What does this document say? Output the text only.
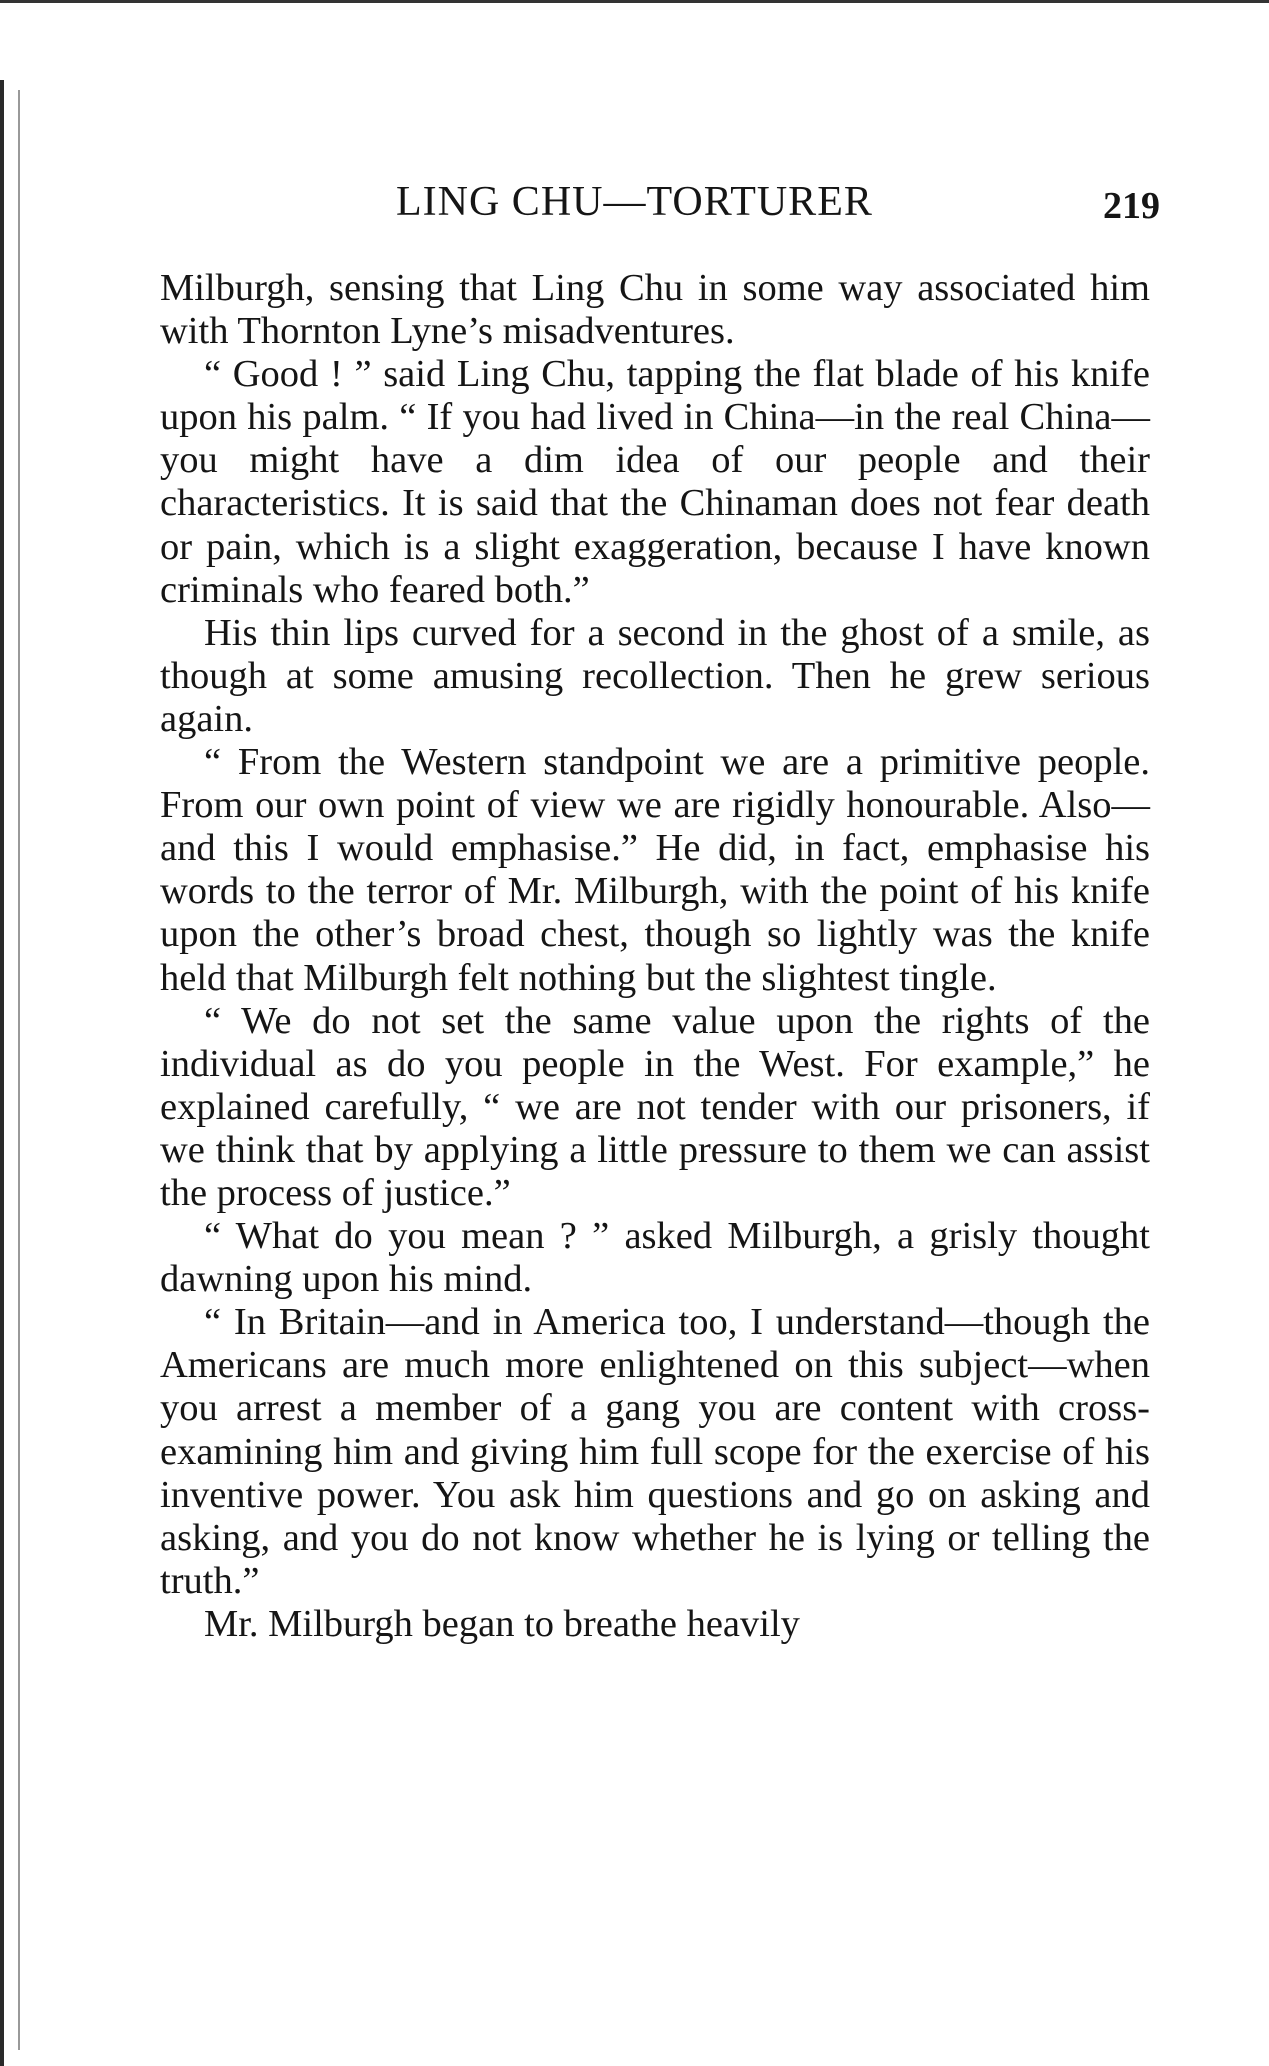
LING CHU—TORTURER	219

Milburgh, sensing that Ling Chu in some way associated him with Thornton Lyne’s misadventures.

“ Good ! ” said Ling Chu, tapping the flat blade of his knife upon his palm. “ If you had lived in China—in the real China—you might have a dim idea of our people and their characteristics. It is said that the Chinaman does not fear death or pain, which is a slight exaggeration, because I have known criminals who feared both.”

His thin lips curved for a second in the ghost of a smile, as though at some amusing recollection. Then he grew serious again.

“ From the Western standpoint we are a primitive people. From our own point of view we are rigidly honourable. Also—and this I would emphasise.” He did, in fact, emphasise his words to the terror of Mr. Milburgh, with the point of his knife upon the other’s broad chest, though so lightly was the knife held that Milburgh felt nothing but the slightest tingle.

“ We do not set the same value upon the rights of the individual as do you people in the West. For example,” he explained carefully, “ we are not tender with our prisoners, if we think that by applying a little pressure to them we can assist the process of justice.”

“ What do you mean ? ” asked Milburgh, a grisly thought dawning upon his mind.

“ In Britain—and in America too, I understand—though the Americans are much more enlightened on this subject—when you arrest a member of a gang you are content with cross-examining him and giving him full scope for the exercise of his inventive power. You ask him questions and go on asking and asking, and you do not know whether he is lying or telling the truth.”

Mr. Milburgh began to breathe heavily
